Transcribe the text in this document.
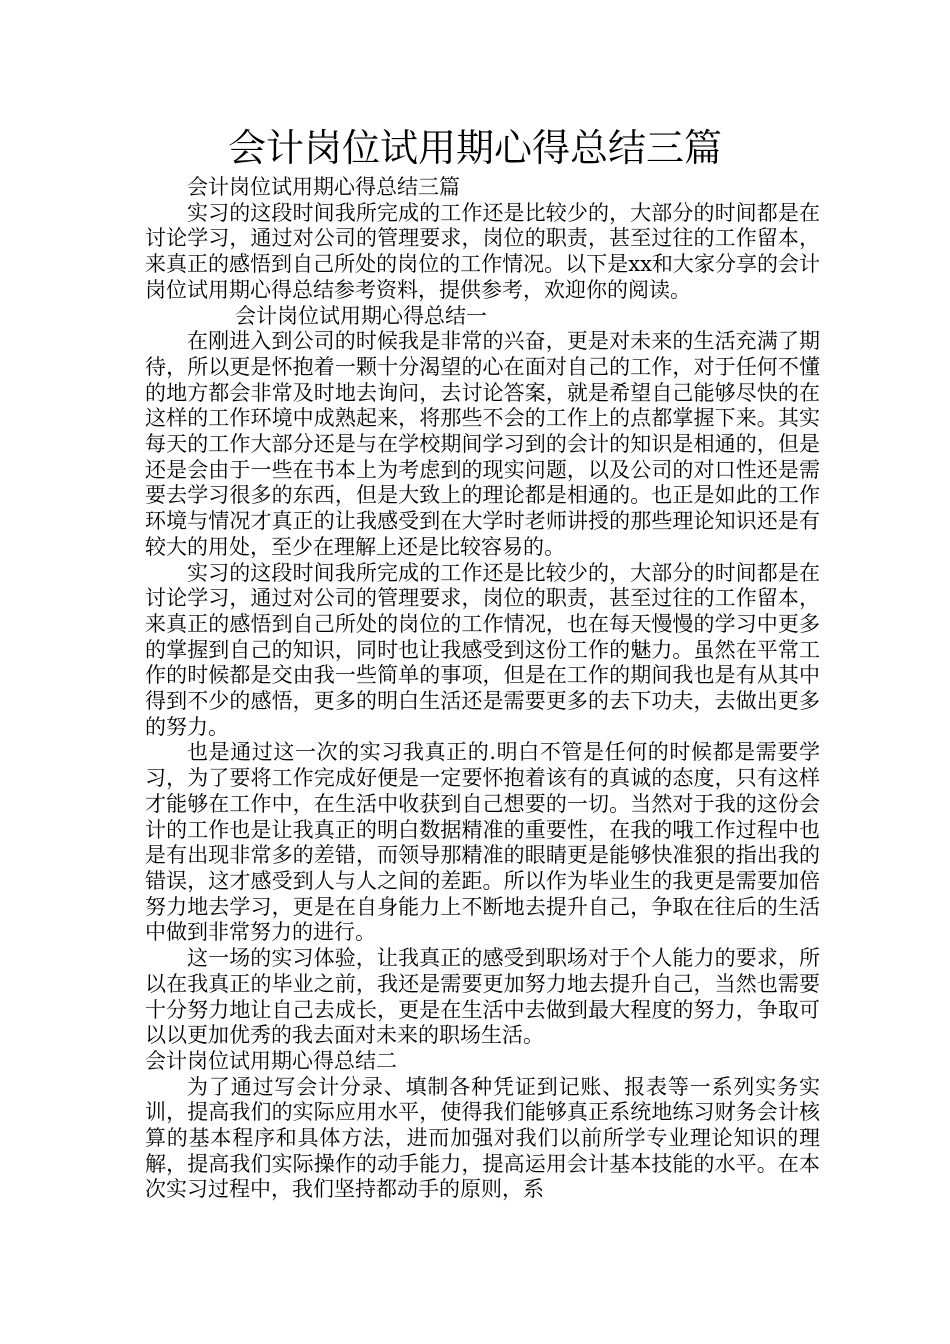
会计岗位试用期心得总结三篇

会计岗位试用期心得总结三篇

实习的这段时间我所完成的工作还是比较少的，大部分的时间都是在讨论学习，通过对公司的管理要求，岗位的职责，甚至过往的工作留本，来真正的感悟到自己所处的岗位的工作情况。以下是xx和大家分享的会计岗位试用期心得总结参考资料，提供参考，欢迎你的阅读。

会计岗位试用期心得总结一

在刚进入到公司的时候我是非常的兴奋，更是对未来的生活充满了期待，所以更是怀抱着一颗十分渴望的心在面对自己的工作，对于任何不懂的地方都会非常及时地去询问，去讨论答案，就是希望自己能够尽快的在这样的工作环境中成熟起来，将那些不会的工作上的点都掌握下来。其实每天的工作大部分还是与在学校期间学习到的会计的知识是相通的，但是还是会由于一些在书本上为考虑到的现实问题，以及公司的对口性还是需要去学习很多的东西，但是大致上的理论都是相通的。也正是如此的工作环境与情况才真正的让我感受到在大学时老师讲授的那些理论知识还是有较大的用处，至少在理解上还是比较容易的。

实习的这段时间我所完成的工作还是比较少的，大部分的时间都是在讨论学习，通过对公司的管理要求，岗位的职责，甚至过往的工作留本，来真正的感悟到自己所处的岗位的工作情况，也在每天慢慢的学习中更多的掌握到自己的知识，同时也让我感受到这份工作的魅力。虽然在平常工作的时候都是交由我一些简单的事项，但是在工作的期间我也是有从其中得到不少的感悟，更多的明白生活还是需要更多的去下功夫，去做出更多的努力。

也是通过这一次的实习我真正的.明白不管是任何的时候都是需要学习，为了要将工作完成好便是一定要怀抱着该有的真诚的态度，只有这样才能够在工作中，在生活中收获到自己想要的一切。当然对于我的这份会计的工作也是让我真正的明白数据精准的重要性，在我的哦工作过程中也是有出现非常多的差错，而领导那精准的眼睛更是能够快准狠的指出我的错误，这才感受到人与人之间的差距。所以作为毕业生的我更是需要加倍努力地去学习，更是在自身能力上不断地去提升自己，争取在往后的生活中做到非常努力的进行。

这一场的实习体验，让我真正的感受到职场对于个人能力的要求，所以在我真正的毕业之前，我还是需要更加努力地去提升自己，当然也需要十分努力地让自己去成长，更是在生活中去做到最大程度的努力，争取可以以更加优秀的我去面对未来的职场生活。

会计岗位试用期心得总结二

为了通过写会计分录、填制各种凭证到记账、报表等一系列实务实训，提高我们的实际应用水平，使得我们能够真正系统地练习财务会计核算的基本程序和具体方法，进而加强对我们以前所学专业理论知识的理解，提高我们实际操作的动手能力，提高运用会计基本技能的水平。在本次实习过程中，我们坚持都动手的原则，系
